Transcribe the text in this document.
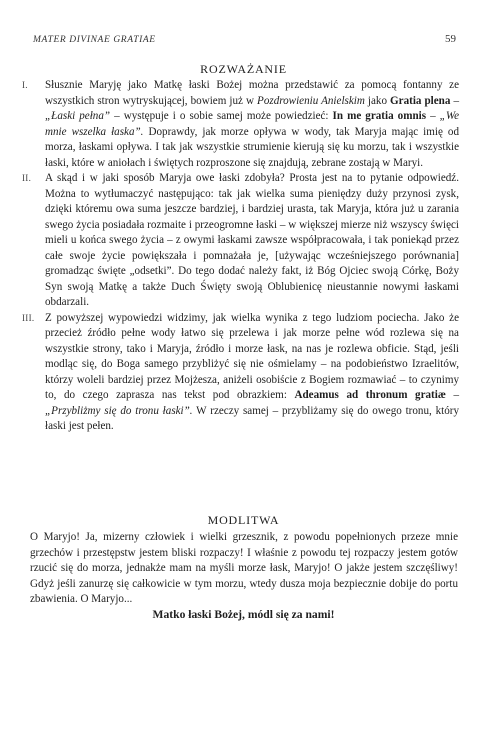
MATER DIVINAE GRATIAE	59
ROZWAŻANIE
I.	Słusznie Maryję jako Matkę łaski Bożej można przedstawić za pomocą fontanny ze wszystkich stron wytryskującej, bowiem już w Pozdrowieniu Anielskim jako Gratia plena – „Łaski pełna” – występuje i o sobie samej może powiedzieć: In me gratia omnis – „We mnie wszelka łaska”. Doprawdy, jak morze opływa w wody, tak Maryja mając imię od morza, łaskami opływa. I tak jak wszystkie strumienie kierują się ku morzu, tak i wszystkie łaski, które w aniołach i świętych rozproszone się znajdują, zebrane zostają w Maryi.
II.	A skąd i w jaki sposób Maryja owe łaski zdobyła? Prosta jest na to pytanie odpowiedź. Można to wytłumaczyć następująco: tak jak wielka suma pieniędzy duży przynosi zysk, dzięki któremu owa suma jeszcze bardziej, i bardziej urasta, tak Maryja, która już u zarania swego życia posiadała rozmaite i przeogromne łaski – w większej mierze niż wszyscy święci mieli u końca swego życia – z owymi łaskami zawsze współpracowała, i tak poniekąd przez całe swoje życie powiększała i pomnażała je, [używając wcześniejszego porównania] gromadząc święte „odsetki”. Do tego dodać należy fakt, iż Bóg Ojciec swoją Córkę, Boży Syn swoją Matkę a także Duch Święty swoją Oblubienicę nieustannie nowymi łaskami obdarzali.
III. Z powyższej wypowiedzi widzimy, jak wielka wynika z tego ludziom pociecha. Jako że przecież źródło pełne wody łatwo się przelewa i jak morze pełne wód rozlewa się na wszystkie strony, tako i Maryja, źródło i morze łask, na nas je rozlewa obficie. Stąd, jeśli modląc się, do Boga samego przybliżyć się nie ośmielamy – na podobieństwo Izraelitów, którzy woleli bardziej przez Mojżesza, aniżeli osobiście z Bogiem rozmawiać – to czynimy to, do czego zaprasza nas tekst pod obrazkiem: Adeamus ad thronum gratiæ – „Przybliżmy się do tronu łaski”. W rzeczy samej – przybliżamy się do owego tronu, który łaski jest pełen.
MODLITWA
O Maryjo! Ja, mizerny człowiek i wielki grzesznik, z powodu popełnionych przeze mnie grzechów i przestępstw jestem bliski rozpaczy! I właśnie z powodu tej rozpaczy jestem gotów rzucić się do morza, jednakże mam na myśli morze łask, Maryjo! O jakże jestem szczęśliwy! Gdyż jeśli zanurzę się całkowicie w tym morzu, wtedy dusza moja bezpiecznie dobije do portu zbawienia. O Maryjo...
Matko łaski Bożej, módl się za nami!
